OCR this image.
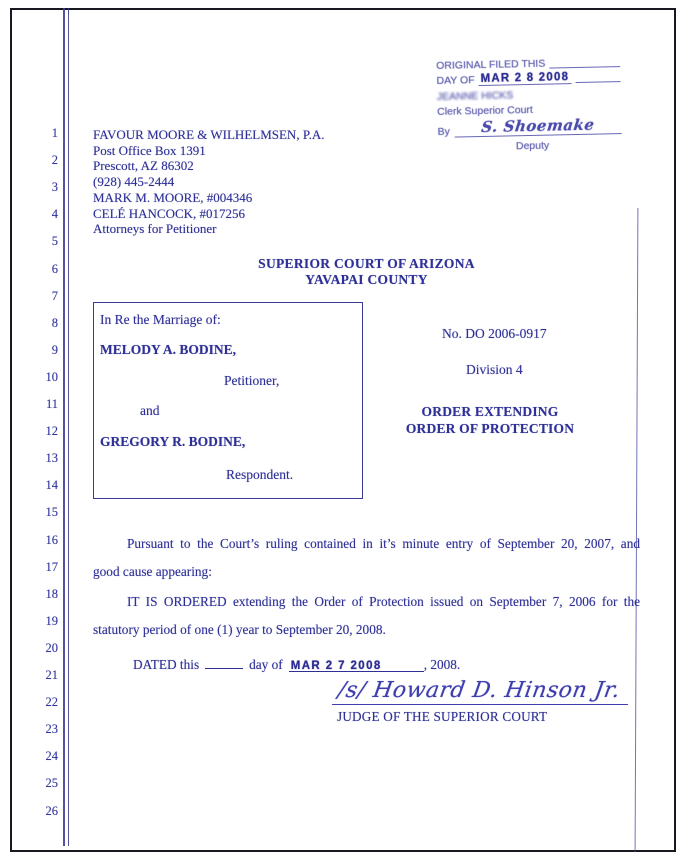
1
2
3
4
5
6
7
8
9
10
11
12
13
14
15
16
17
18
19
20
21
22
23
24
25
26
ORIGINAL FILED THIS
DAY OF MAR 2 8 2008
JEANNE HICKS
Clerk Superior Court
By S. Shoemake
Deputy
FAVOUR MOORE & WILHELMSEN, P.A.
Post Office Box 1391
Prescott, AZ 86302
(928) 445-2444
MARK M. MOORE, #004346
CELÉ HANCOCK, #017256
Attorneys for Petitioner
SUPERIOR COURT OF ARIZONA
YAVAPAI COUNTY
In Re the Marriage of:
MELODY A. BODINE,
Petitioner,
and
GREGORY R. BODINE,
Respondent.
No. DO 2006-0917
Division 4
ORDER EXTENDING
ORDER OF PROTECTION
Pursuant to the Court’s ruling contained in it’s minute entry of September 20, 2007, and
good cause appearing:
IT IS ORDERED extending the Order of Protection issued on September 7, 2006 for the
statutory period of one (1) year to September 20, 2008.
DATED this	day of MAR 2 7 2008	, 2008.
/s/ Howard D. Hinson Jr.
JUDGE OF THE SUPERIOR COURT
